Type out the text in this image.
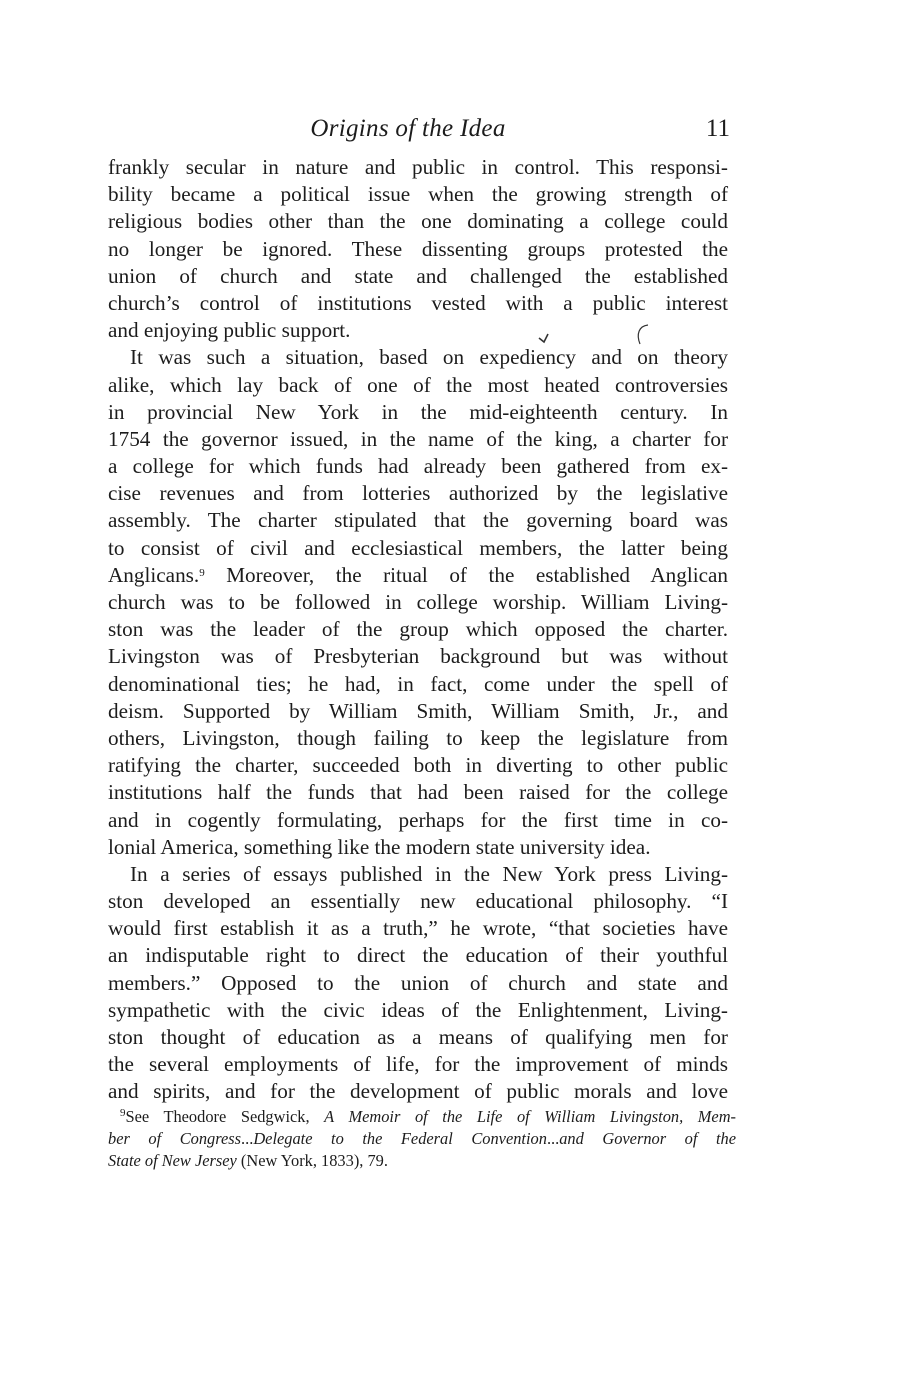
Origins of the Idea	11
frankly secular in nature and public in control. This responsi-
bility became a political issue when the growing strength of
religious bodies other than the one dominating a college could
no longer be ignored. These dissenting groups protested the
union of church and state and challenged the established
church’s control of institutions vested with a public interest
and enjoying public support.
It was such a situation, based on expediency and on theory
alike, which lay back of one of the most heated controversies
in provincial New York in the mid-eighteenth century. In
1754 the governor issued, in the name of the king, a charter for
a college for which funds had already been gathered from ex-
cise revenues and from lotteries authorized by the legislative
assembly. The charter stipulated that the governing board was
to consist of civil and ecclesiastical members, the latter being
Anglicans.$^9$ Moreover, the ritual of the established Anglican
church was to be followed in college worship. William Living-
ston was the leader of the group which opposed the charter.
Livingston was of Presbyterian background but was without
denominational ties; he had, in fact, come under the spell of
deism. Supported by William Smith, William Smith, Jr., and
others, Livingston, though failing to keep the legislature from
ratifying the charter, succeeded both in diverting to other public
institutions half the funds that had been raised for the college
and in cogently formulating, perhaps for the first time in co-
lonial America, something like the modern state university idea.
In a series of essays published in the New York press Living-
ston developed an essentially new educational philosophy. “I
would first establish it as a truth,” he wrote, “that societies have
an indisputable right to direct the education of their youthful
members.” Opposed to the union of church and state and
sympathetic with the civic ideas of the Enlightenment, Living-
ston thought of education as a means of qualifying men for
the several employments of life, for the improvement of minds
and spirits, and for the development of public morals and love
$^9$See Theodore Sedgwick, A Memoir of the Life of William Livingston, Mem-
ber of Congress...Delegate to the Federal Convention...and Governor of the
State of New Jersey (New York, 1833), 79.
